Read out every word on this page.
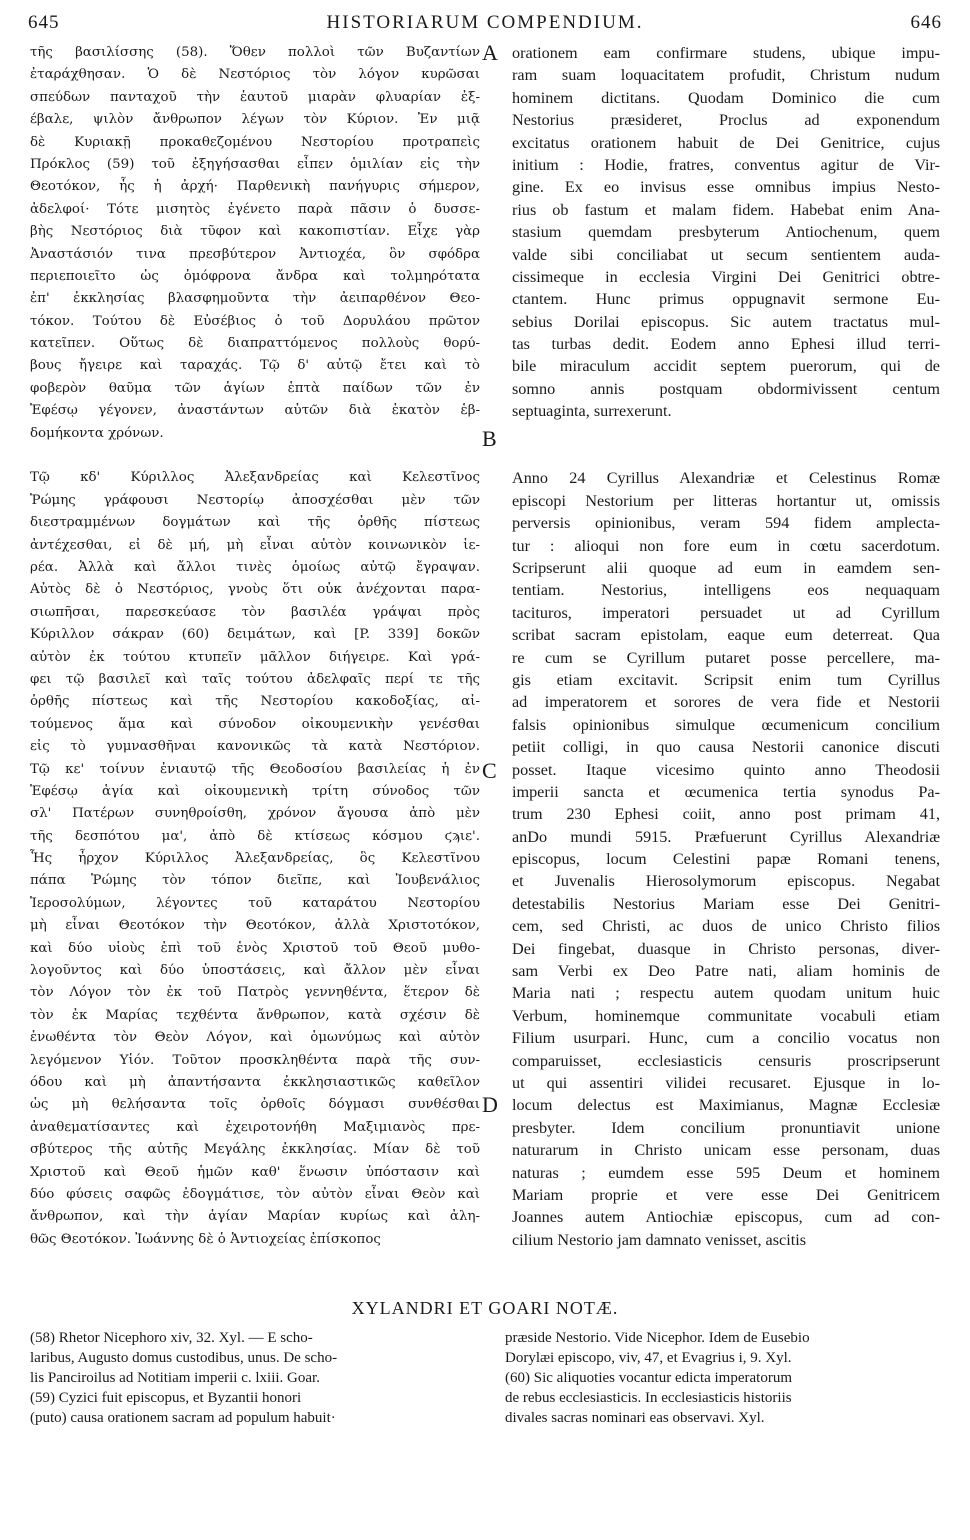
645	HISTORIARUM COMPENDIUM.	646
τῆς βασιλίσσης (58). Ὅθεν πολλοὶ τῶν Βυζαντίων
ἐταράχθησαν. Ὁ δὲ Νεστόριος τὸν λόγον κυρῶσαι
σπεύδων πανταχοῦ τὴν ἑαυτοῦ μιαρὰν φλυαρίαν ἐξ-
έβαλε, ψιλὸν ἄνθρωπον λέγων τὸν Κύριον. Ἐν μιᾷ
δὲ Κυριακῇ προκαθεζομένου Νεστορίου προτραπεὶς
Πρόκλος (59) τοῦ ἐξηγήσασθαι εἶπεν ὁμιλίαν εἰς τὴν
Θεοτόκον, ἧς ἡ ἀρχή· Παρθενικὴ πανήγυρις σήμερον,
ἀδελφοί· Τότε μισητὸς ἐγένετο παρὰ πᾶσιν ὁ δυσσε-
βὴς Νεστόριος διὰ τῦφον καὶ κακοπιστίαν. Εἶχε γὰρ
Ἀναστάσιόν τινα πρεσβύτερον Ἀντιοχέα, ὃν σφόδρα
περιεποιεῖτο ὡς ὁμόφρονα ἄνδρα καὶ τολμηρότατα
ἐπ' ἐκκλησίας βλασφημοῦντα τὴν ἀειπαρθένον Θεο-
τόκον. Τούτου δὲ Εὐσέβιος ὁ τοῦ Δορυλάου πρῶτον
κατεῖπεν. Οὕτως δὲ διαπραττόμενος πολλοὺς θορύ-
βους ἤγειρε καὶ ταραχάς. Τῷ δ' αὐτῷ ἔτει καὶ τὸ
φοβερὸν θαῦμα τῶν ἁγίων ἑπτὰ παίδων τῶν ἐν
Ἐφέσῳ γέγονεν, ἀναστάντων αὐτῶν διὰ ἑκατὸν ἑβ-
δομήκοντα χρόνων.
Τῷ κδ' Κύριλλος Ἀλεξανδρείας καὶ Κελεστῖνος
Ῥώμης γράφουσι Νεστορίῳ ἀποσχέσθαι μὲν τῶν
διεστραμμένων δογμάτων καὶ τῆς ὀρθῆς πίστεως
ἀντέχεσθαι, εἰ δὲ μή, μὴ εἶναι αὐτὸν κοινωνικὸν ἱε-
ρέα. Ἀλλὰ καὶ ἄλλοι τινὲς ὁμοίως αὐτῷ ἔγραψαν.
Αὐτὸς δὲ ὁ Νεστόριος, γνοὺς ὅτι οὐκ ἀνέχονται παρα-
σιωπῆσαι, παρεσκεύασε τὸν βασιλέα γράψαι πρὸς
Κύριλλον σάκραν (60) δειμάτων, καὶ [P. 339] δοκῶν
αὐτὸν ἐκ τούτου κτυπεῖν μᾶλλον διήγειρε. Καὶ γρά-
φει τῷ βασιλεῖ καὶ ταῖς τούτου ἀδελφαῖς περί τε τῆς
ὀρθῆς πίστεως καὶ τῆς Νεστορίου κακοδοξίας, αἰ-
τούμενος ἅμα καὶ σύνοδον οἰκουμενικὴν γενέσθαι
εἰς τὸ γυμνασθῆναι κανονικῶς τὰ κατὰ Νεστόριον.
Τῷ κε' τοίνυν ἐνιαυτῷ τῆς Θεοδοσίου βασιλείας ἡ ἐν
Ἐφέσῳ ἁγία καὶ οἰκουμενικὴ τρίτη σύνοδος τῶν
σλ' Πατέρων συνηθροίσθη, χρόνον ἄγουσα ἀπὸ μὲν
τῆς δεσπότου μα', ἀπὸ δὲ κτίσεως κόσμου ϛϡιε'.
Ἧς ἦρχον Κύριλλος Ἀλεξανδρείας, ὃς Κελεστῖνου
πάπα Ῥώμης τὸν τόπον διεῖπε, καὶ Ἰουβενάλιος
Ἱεροσολύμων, λέγοντες τοῦ καταράτου Νεστορίου
μὴ εἶναι Θεοτόκον τὴν Θεοτόκον, ἀλλὰ Χριστοτόκον,
καὶ δύο υἱοὺς ἐπὶ τοῦ ἑνὸς Χριστοῦ τοῦ Θεοῦ μυθο-
λογοῦντος καὶ δύο ὑποστάσεις, καὶ ἄλλον μὲν εἶναι
τὸν Λόγον τὸν ἐκ τοῦ Πατρὸς γεννηθέντα, ἕτερον δὲ
τὸν ἐκ Μαρίας τεχθέντα ἄνθρωπον, κατὰ σχέσιν δὲ
ἑνωθέντα τὸν Θεὸν Λόγον, καὶ ὁμωνύμως καὶ αὐτὸν
λεγόμενον Υἱόν. Τοῦτον προσκληθέντα παρὰ τῆς συν-
όδου καὶ μὴ ἀπαντήσαντα ἐκκλησιαστικῶς καθεῖλον
ὡς μὴ θελήσαντα τοῖς ὀρθοῖς δόγμασι συνθέσθαι
ἀναθεματίσαντες καὶ ἐχειροτονήθη Μαξιμιανὸς πρε-
σβύτερος τῆς αὐτῆς Μεγάλης ἐκκλησίας. Μίαν δὲ τοῦ
Χριστοῦ καὶ Θεοῦ ἡμῶν καθ' ἕνωσιν ὑπόστασιν καὶ
δύο φύσεις σαφῶς ἐδογμάτισε, τὸν αὐτὸν εἶναι Θεὸν καὶ
ἄνθρωπον, καὶ τὴν ἁγίαν Μαρίαν κυρίως καὶ ἀλη-
θῶς Θεοτόκον. Ἰωάννης δὲ ὁ Ἀντιοχείας ἐπίσκοπος
orationem eam confirmare studens, ubique impu-
ram suam loquacitatem profudit, Christum nudum
hominem dictitans. Quodam Dominico die cum
Nestorius præsideret, Proclus ad exponendum
excitatus orationem habuit de Dei Genitrice, cujus
initium : Hodie, fratres, conventus agitur de Vir-
gine. Ex eo invisus esse omnibus impius Nesto-
rius ob fastum et malam fidem. Habebat enim Ana-
stasium quemdam presbyterum Antiochenum, quem
valde sibi conciliabat ut secum sentientem auda-
cissimeque in ecclesia Virgini Dei Genitrici obtre-
ctantem. Hunc primus oppugnavit sermone Eu-
sebius Dorilai episcopus. Sic autem tractatus mul-
tas turbas dedit. Eodem anno Ephesi illud terri-
bile miraculum accidit septem puerorum, qui de
somno annis postquam obdormivissent centum
septuaginta, surrexerunt.
Anno 24 Cyrillus Alexandriæ et Celestinus Romæ
episcopi Nestorium per litteras hortantur ut, omissis
perversis opinionibus, veram 594 fidem amplecta-
tur : alioqui non fore eum in cœtu sacerdotum.
Scripserunt alii quoque ad eum in eamdem sen-
tentiam. Nestorius, intelligens eos nequaquam
tacituros, imperatori persuadet ut ad Cyrillum
scribat sacram epistolam, eaque eum deterreat. Qua
re cum se Cyrillum putaret posse percellere, ma-
gis etiam excitavit. Scripsit enim tum Cyrillus
ad imperatorem et sorores de vera fide et Nestorii
falsis opinionibus simulque œcumenicum concilium
petiit colligi, in quo causa Nestorii canonice discuti
posset. Itaque vicesimo quinto anno Theodosii
imperii sancta et œcumenica tertia synodus Pa-
trum 230 Ephesi coiit, anno post primam 41,
anDo mundi 5915. Præfuerunt Cyrillus Alexandriæ
episcopus, locum Celestini papæ Romani tenens,
et Juvenalis Hierosolymorum episcopus. Negabat
detestabilis Nestorius Mariam esse Dei Genitri-
cem, sed Christi, ac duos de unico Christo filios
Dei fingebat, duasque in Christo personas, diver-
sam Verbi ex Deo Patre nati, aliam hominis de
Maria nati ; respectu autem quodam unitum huic
Verbum, hominemque communitate vocabuli etiam
Filium usurpari. Hunc, cum a concilio vocatus non
comparuisset, ecclesiasticis censuris proscripserunt
ut qui assentiri vilidei recusaret. Ejusque in lo-
locum delectus est Maximianus, Magnæ Ecclesiæ
presbyter. Idem concilium pronuntiavit unione
naturarum in Christo unicam esse personam, duas
naturas ; eumdem esse 595 Deum et hominem
Mariam proprie et vere esse Dei Genitricem
Joannes autem Antiochiæ episcopus, cum ad con-
cilium Nestorio jam damnato venisset, ascitis
A
B
C
D
XYLANDRI ET GOARI NOTÆ.
(58) Rhetor Nicephoro xiv, 32. Xyl. — E scho-
laribus, Augusto domus custodibus, unus. De scho-
lis Panciroilus ad Notitiam imperii c. lxiii. Goar.
(59) Cyzici fuit episcopus, et Byzantii honori
(puto) causa orationem sacram ad populum habuit·
præside Nestorio. Vide Nicephor. Idem de Eusebio
Dorylæi episcopo, viv, 47, et Evagrius i, 9. Xyl.
(60) Sic aliquoties vocantur edicta imperatorum
de rebus ecclesiasticis. In ecclesiasticis historiis
divales sacras nominari eas observavi. Xyl.
